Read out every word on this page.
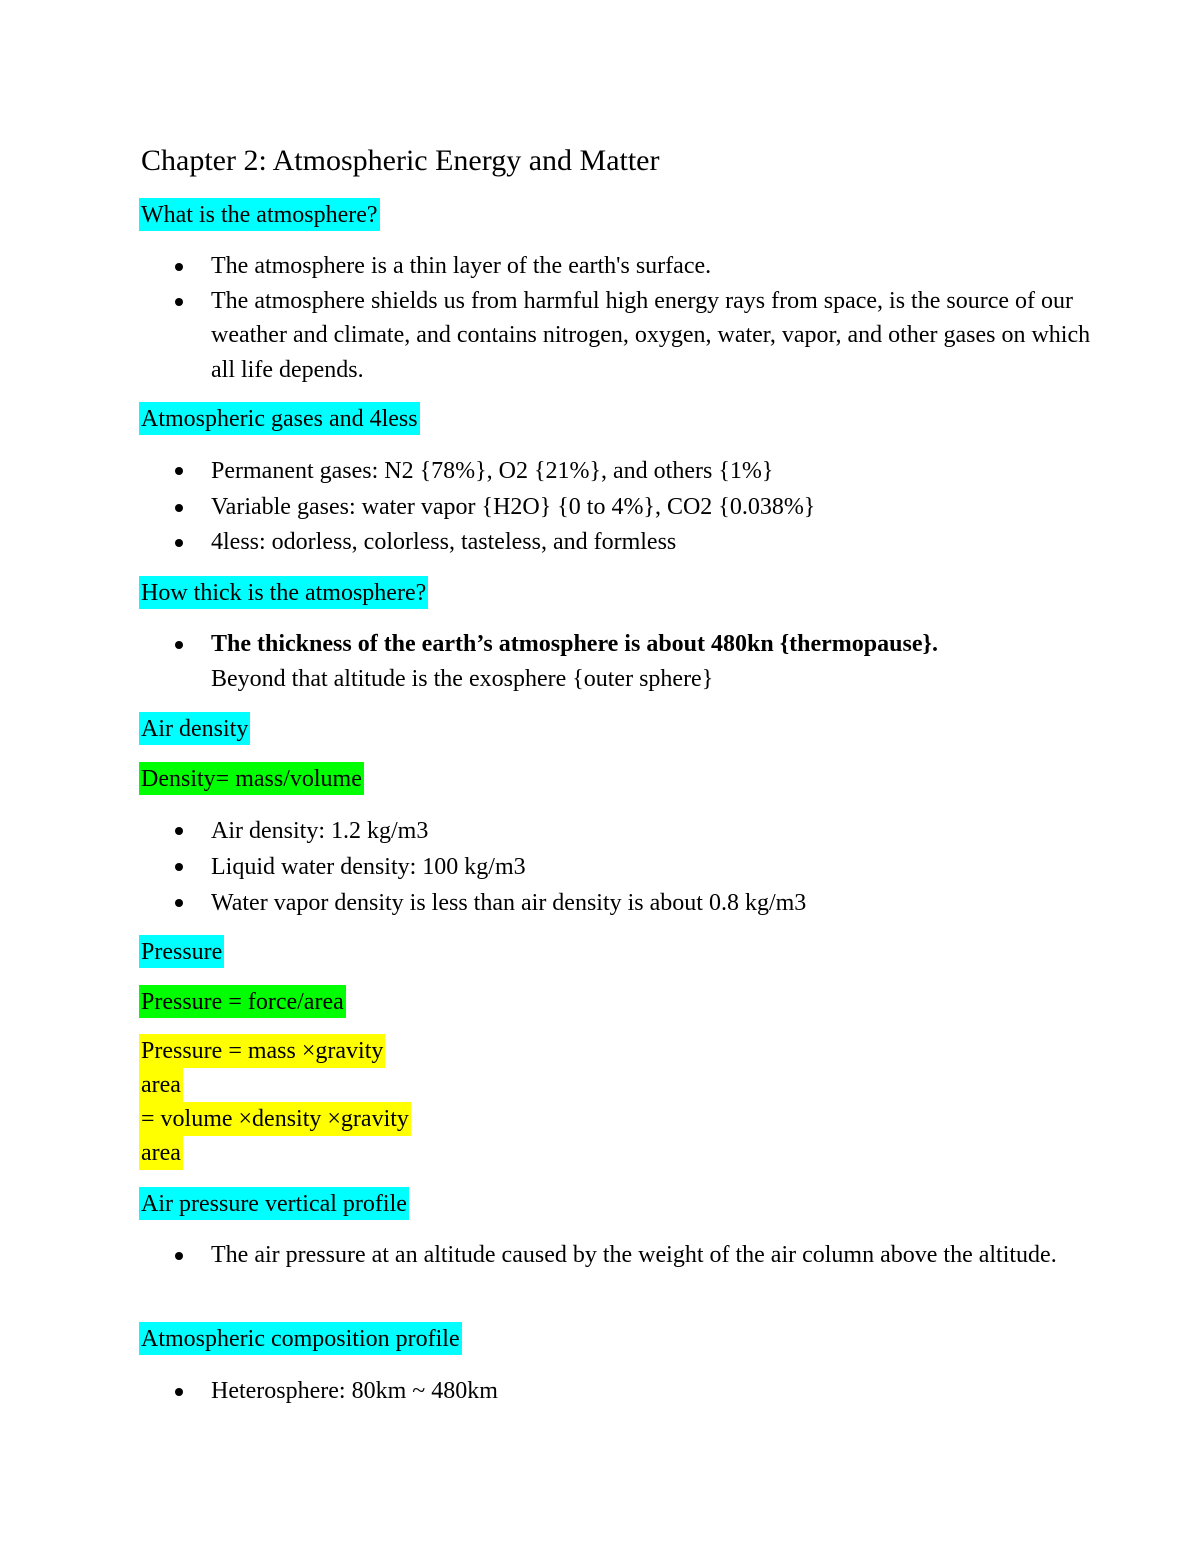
Chapter 2: Atmospheric Energy and Matter
What is the atmosphere?
The atmosphere is a thin layer of the earth's surface.
The atmosphere shields us from harmful high energy rays from space, is the source of our weather and climate, and contains nitrogen, oxygen, water, vapor, and other gases on which all life depends.
Atmospheric gases and 4less
Permanent gases: N2 {78%}, O2 {21%}, and others {1%}
Variable gases: water vapor {H2O} {0 to 4%}, CO2 {0.038%}
4less: odorless, colorless, tasteless, and formless
How thick is the atmosphere?
The thickness of the earth’s atmosphere is about 480kn {thermopause}.
Beyond that altitude is the exosphere {outer sphere}
Air density
Density= mass/volume
Air density: 1.2 kg/m3
Liquid water density: 100 kg/m3
Water vapor density is less than air density is about 0.8 kg/m3
Pressure
Pressure = force/area
Pressure = mass ×gravity
area
= volume ×density ×gravity
area
Air pressure vertical profile
The air pressure at an altitude caused by the weight of the air column above the altitude.
Atmospheric composition profile
Heterosphere: 80km ~ 480km
